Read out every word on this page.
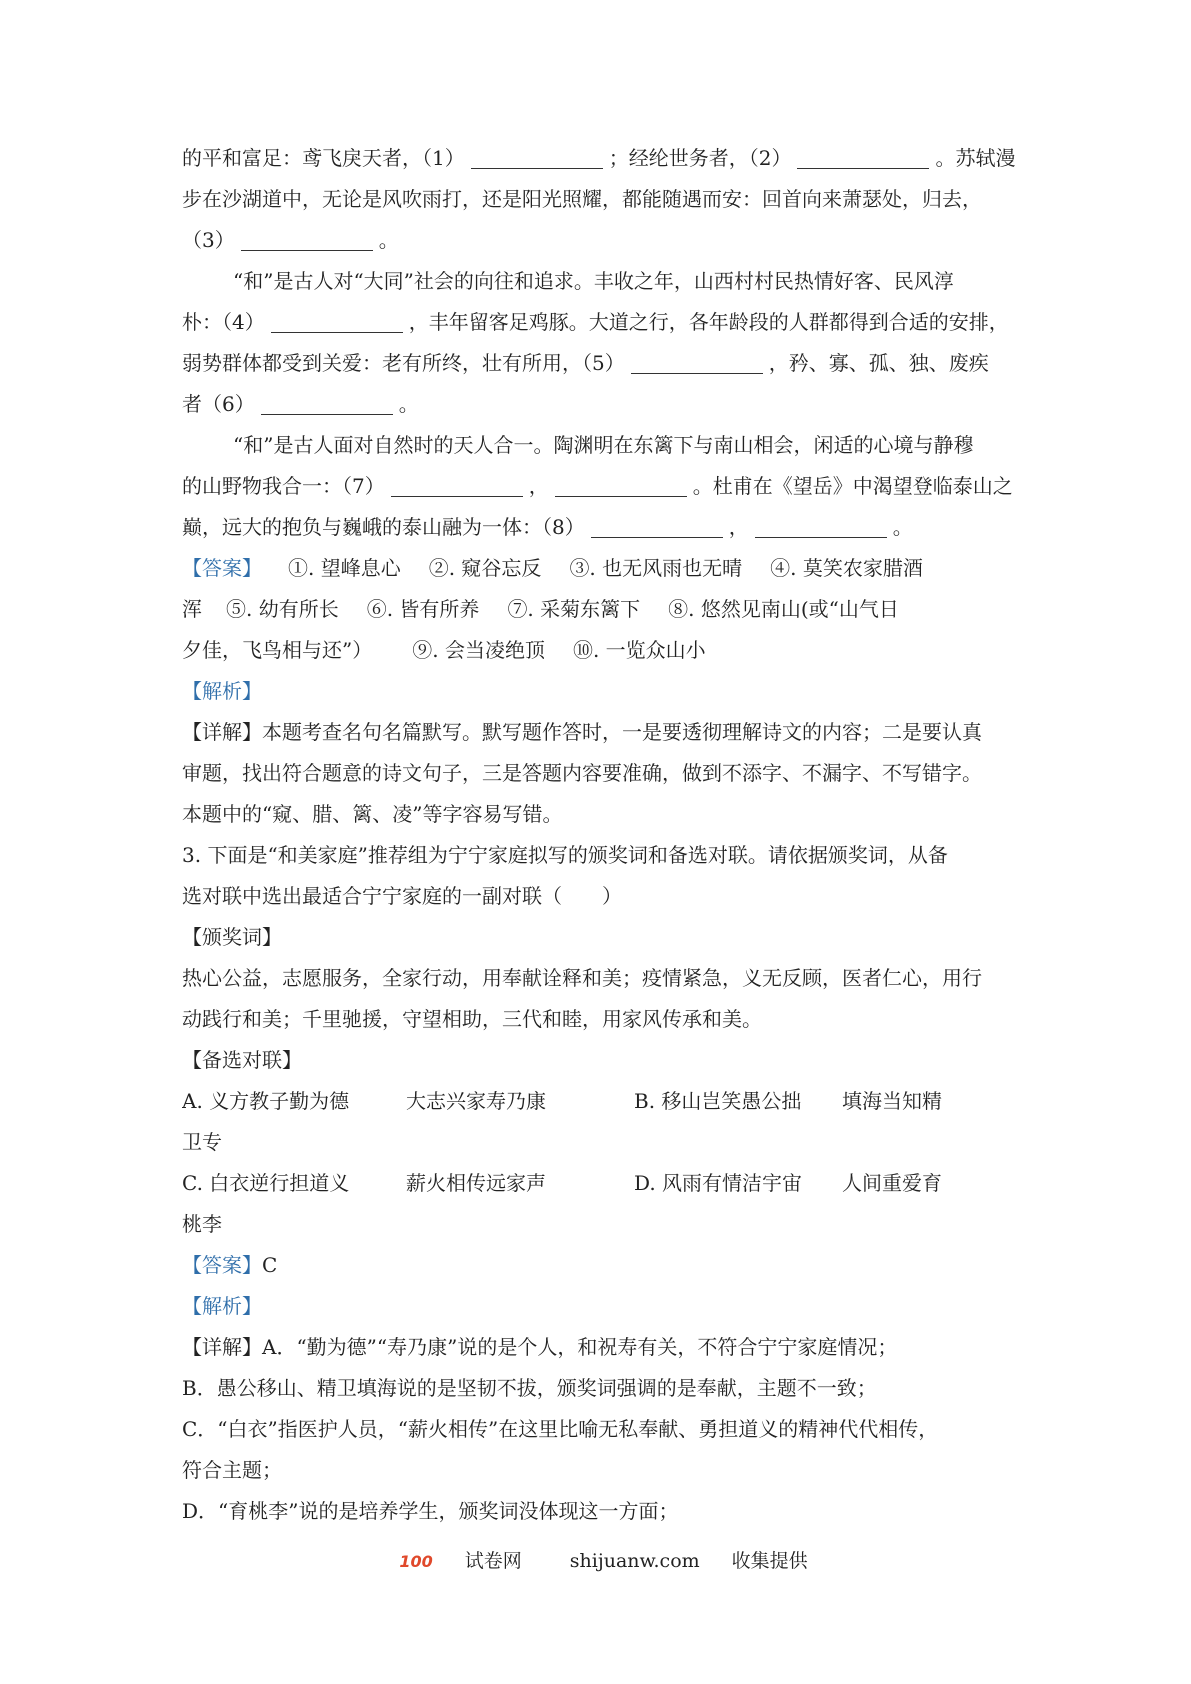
的平和富足：鸢飞戾天者，（1）	；经纶世务者，（2）	。苏轼漫
步在沙湖道中，无论是风吹雨打，还是阳光照耀，都能随遇而安：回首向来萧瑟处，归去，
（3）	。
“和”是古人对“大同”社会的向往和追求。丰收之年，山西村村民热情好客、民风淳
朴：（4）	，丰年留客足鸡豚。大道之行，各年龄段的人群都得到合适的安排，
弱势群体都受到关爱：老有所终，壮有所用，（5）	，矜、寡、孤、独、废疾
者（6）	。
“和”是古人面对自然时的天人合一。陶渊明在东篱下与南山相会，闲适的心境与静穆
的山野物我合一：（7）	，	。杜甫在《望岳》中渴望登临泰山之
巅，远大的抱负与巍峨的泰山融为一体：（8）	，	。
【答案】 ①. 望峰息心 ②. 窥谷忘反 ③. 也无风雨也无晴 ④. 莫笑农家腊酒
浑 ⑤. 幼有所长 ⑥. 皆有所养 ⑦. 采菊东篱下 ⑧. 悠然见南山(或“山气日
夕佳，飞鸟相与还”） ⑨. 会当凌绝顶 ⑩. 一览众山小
【解析】
【详解】本题考查名句名篇默写。默写题作答时，一是要透彻理解诗文的内容；二是要认真
审题，找出符合题意的诗文句子，三是答题内容要准确，做到不添字、不漏字、不写错字。
本题中的“窥、腊、篱、凌”等字容易写错。
3. 下面是“和美家庭”推荐组为宁宁家庭拟写的颁奖词和备选对联。请依据颁奖词，从备
选对联中选出最适合宁宁家庭的一副对联（　　）
【颁奖词】
热心公益，志愿服务，全家行动，用奉献诠释和美；疫情紧急，义无反顾，医者仁心，用行
动践行和美；千里驰援，守望相助，三代和睦，用家风传承和美。
【备选对联】
A. 义方教子勤为德	大志兴家寿乃康	B. 移山岂笑愚公拙 填海当知精
卫专
C. 白衣逆行担道义	薪火相传远家声	D. 风雨有情洁宇宙 人间重爱育
桃李
【答案】C
【解析】
【详解】A．“勤为德”“寿乃康”说的是个人，和祝寿有关，不符合宁宁家庭情况；
B．愚公移山、精卫填海说的是坚韧不拔，颁奖词强调的是奉献，主题不一致；
C．“白衣”指医护人员，“薪火相传”在这里比喻无私奉献、勇担道义的精神代代相传，
符合主题；
D．“育桃李”说的是培养学生，颁奖词没体现这一方面；
100 试卷网	shijuanw.com 收集提供
